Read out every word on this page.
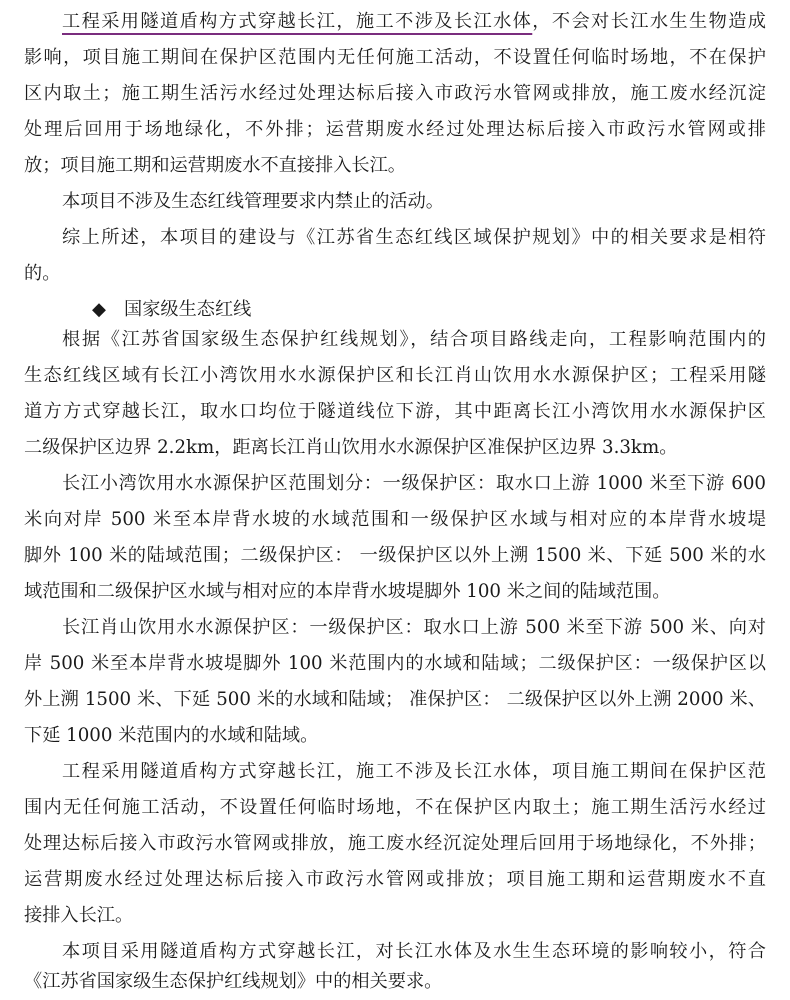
工程采用隧道盾构方式穿越长江，施工不涉及长江水体，不会对长江水生生物造成
影响，项目施工期间在保护区范围内无任何施工活动，不设置任何临时场地，不在保护
区内取土；施工期生活污水经过处理达标后接入市政污水管网或排放，施工废水经沉淀
处理后回用于场地绿化，不外排；运营期废水经过处理达标后接入市政污水管网或排
放；项目施工期和运营期废水不直接排入长江。
本项目不涉及生态红线管理要求内禁止的活动。
综上所述，本项目的建设与《江苏省生态红线区域保护规划》中的相关要求是相符
的。
◆ 国家级生态红线
根据《江苏省国家级生态保护红线规划》，结合项目路线走向，工程影响范围内的
生态红线区域有长江小湾饮用水水源保护区和长江肖山饮用水水源保护区；工程采用隧
道方方式穿越长江，取水口均位于隧道线位下游，其中距离长江小湾饮用水水源保护区
二级保护区边界 2.2km，距离长江肖山饮用水水源保护区准保护区边界 3.3km。
长江小湾饮用水水源保护区范围划分：一级保护区：取水口上游 1000 米至下游 600
米向对岸 500 米至本岸背水坡的水域范围和一级保护区水域与相对应的本岸背水坡堤
脚外 100 米的陆域范围；二级保护区： 一级保护区以外上溯 1500 米、下延 500 米的水
域范围和二级保护区水域与相对应的本岸背水坡堤脚外 100 米之间的陆域范围。
长江肖山饮用水水源保护区：一级保护区：取水口上游 500 米至下游 500 米、向对
岸 500 米至本岸背水坡堤脚外 100 米范围内的水域和陆域；二级保护区：一级保护区以
外上溯 1500 米、下延 500 米的水域和陆域； 准保护区： 二级保护区以外上溯 2000 米、
下延 1000 米范围内的水域和陆域。
工程采用隧道盾构方式穿越长江，施工不涉及长江水体，项目施工期间在保护区范
围内无任何施工活动，不设置任何临时场地，不在保护区内取土；施工期生活污水经过
处理达标后接入市政污水管网或排放，施工废水经沉淀处理后回用于场地绿化，不外排；
运营期废水经过处理达标后接入市政污水管网或排放；项目施工期和运营期废水不直
接排入长江。
本项目采用隧道盾构方式穿越长江，对长江水体及水生生态环境的影响较小，符合
《江苏省国家级生态保护红线规划》中的相关要求。
